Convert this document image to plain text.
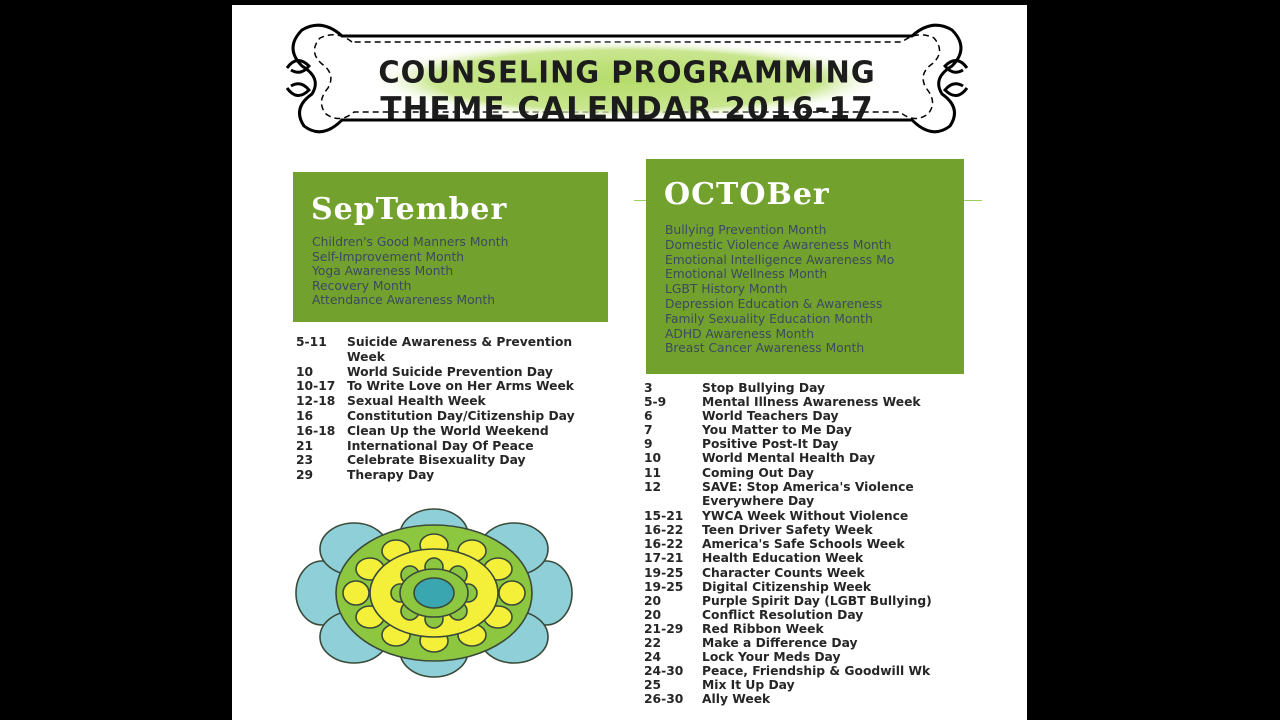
COUNSELING PROGRAMMING
THEME CALENDAR 2016-17
SepTember
Children's Good Manners Month
Self-Improvement Month
Yoga Awareness Month
Recovery Month
Attendance Awareness Month
OCTOBer
Bullying Prevention Month
Domestic Violence Awareness Month
Emotional Intelligence Awareness Mo
Emotional Wellness Month
LGBT History Month
Depression Education & Awareness
Family Sexuality Education Month
ADHD Awareness Month
Breast Cancer Awareness Month
5-11	Suicide Awareness & Prevention Week
10	World Suicide Prevention Day
10-17 To Write Love on Her Arms Week
12-18 Sexual Health Week
16	Constitution Day/Citizenship Day
16-18 Clean Up the World Weekend
21	International Day Of Peace
23	Celebrate Bisexuality Day
29	Therapy Day
3	Stop Bullying Day
5-9	Mental Illness Awareness Week
6	World Teachers Day
7	You Matter to Me Day
9	Positive Post-It Day
10	World Mental Health Day
11	Coming Out Day
12	SAVE: Stop America's Violence Everywhere Day
15-21	YWCA Week Without Violence
16-22	Teen Driver Safety Week
16-22	America's Safe Schools Week
17-21	Health Education Week
19-25	Character Counts Week
19-25	Digital Citizenship Week
20	Purple Spirit Day (LGBT Bullying)
20	Conflict Resolution Day
21-29	Red Ribbon Week
22	Make a Difference Day
24	Lock Your Meds Day
24-30	Peace, Friendship & Goodwill Wk
25	Mix It Up Day
26-30	Ally Week
